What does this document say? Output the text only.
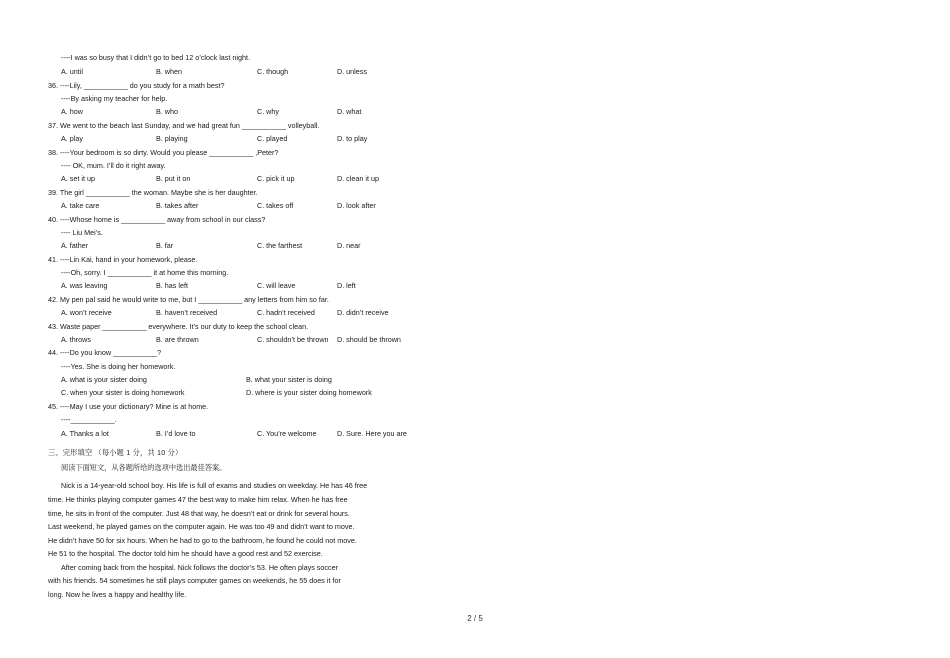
----I was so busy that I didn’t go to bed 12 o’clock last night.
A. until	B. when	C. though	D. unless
36. ----Lily, ___________ do you study for a math best?
----By asking my teacher for help.
A. how	B. who	C. why	D. what
37. We went to the beach last Sunday, and we had great fun ___________ volleyball.
A. play	B. playing	C. played	D. to play
38. ----Your bedroom is so dirty. Would you please ___________ ,Peter?
---- OK, mum. I’ll do it right away.
A. set it up	B. put it on	C. pick it up	D. clean it up
39. The girl ___________ the woman. Maybe she is her daughter.
A. take care	B. takes after	C. takes off	D. look after
40. ----Whose home is ___________ away from school in our class?
---- Liu Mei’s.
A. father	B. far	C. the farthest	D. near
41. ----Lin Kai, hand in your homework, please.
----Oh, sorry. I ___________ it at home this morning.
A. was leaving	B. has left	C. will leave	D. left
42. My pen pal said he would write to me, but I ___________ any letters from him so far.
A. won’t receive	B. haven’t received	C. hadn’t received	D. didn’t receive
43. Waste paper ___________ everywhere. It’s our duty to keep the school clean.
A. throws	B. are thrown	C. shouldn’t be thrown D. should be thrown
44. ----Do you know ___________?
----Yes. She is doing her homework.
A. what is your sister doing	B. what your sister is doing
C. when your sister is doing homework	D. where is your sister doing homework
45. ----May I use your dictionary? Mine is at home.
----___________.
A. Thanks a lot	B. I’d love to	C. You’re welcome	D. Sure. Here you are
三、完形填空 （每小题 1 分，共 10 分）
阅读下面短文，从各题所给的选项中选出最佳答案。
Nick is a 14-year-old school boy. His life is full of exams and studies on weekday. He has 46 free
time. He thinks playing computer games 47 the best way to make him relax. When he has free
time, he sits in front of the computer. Just 48 that way, he doesn’t eat or drink for several hours.
Last weekend, he played games on the computer again. He was too 49 and didn’t want to move.
He didn’t have 50 for six hours. When he had to go to the bathroom, he found he could not move.
He 51 to the hospital. The doctor told him he should have a good rest and 52 exercise.
After coming back from the hospital. Nick follows the doctor’s 53. He often plays soccer
with his friends. 54 sometimes he still plays computer games on weekends, he 55 does it for
long. Now he lives a happy and healthy life.
2 / 5
